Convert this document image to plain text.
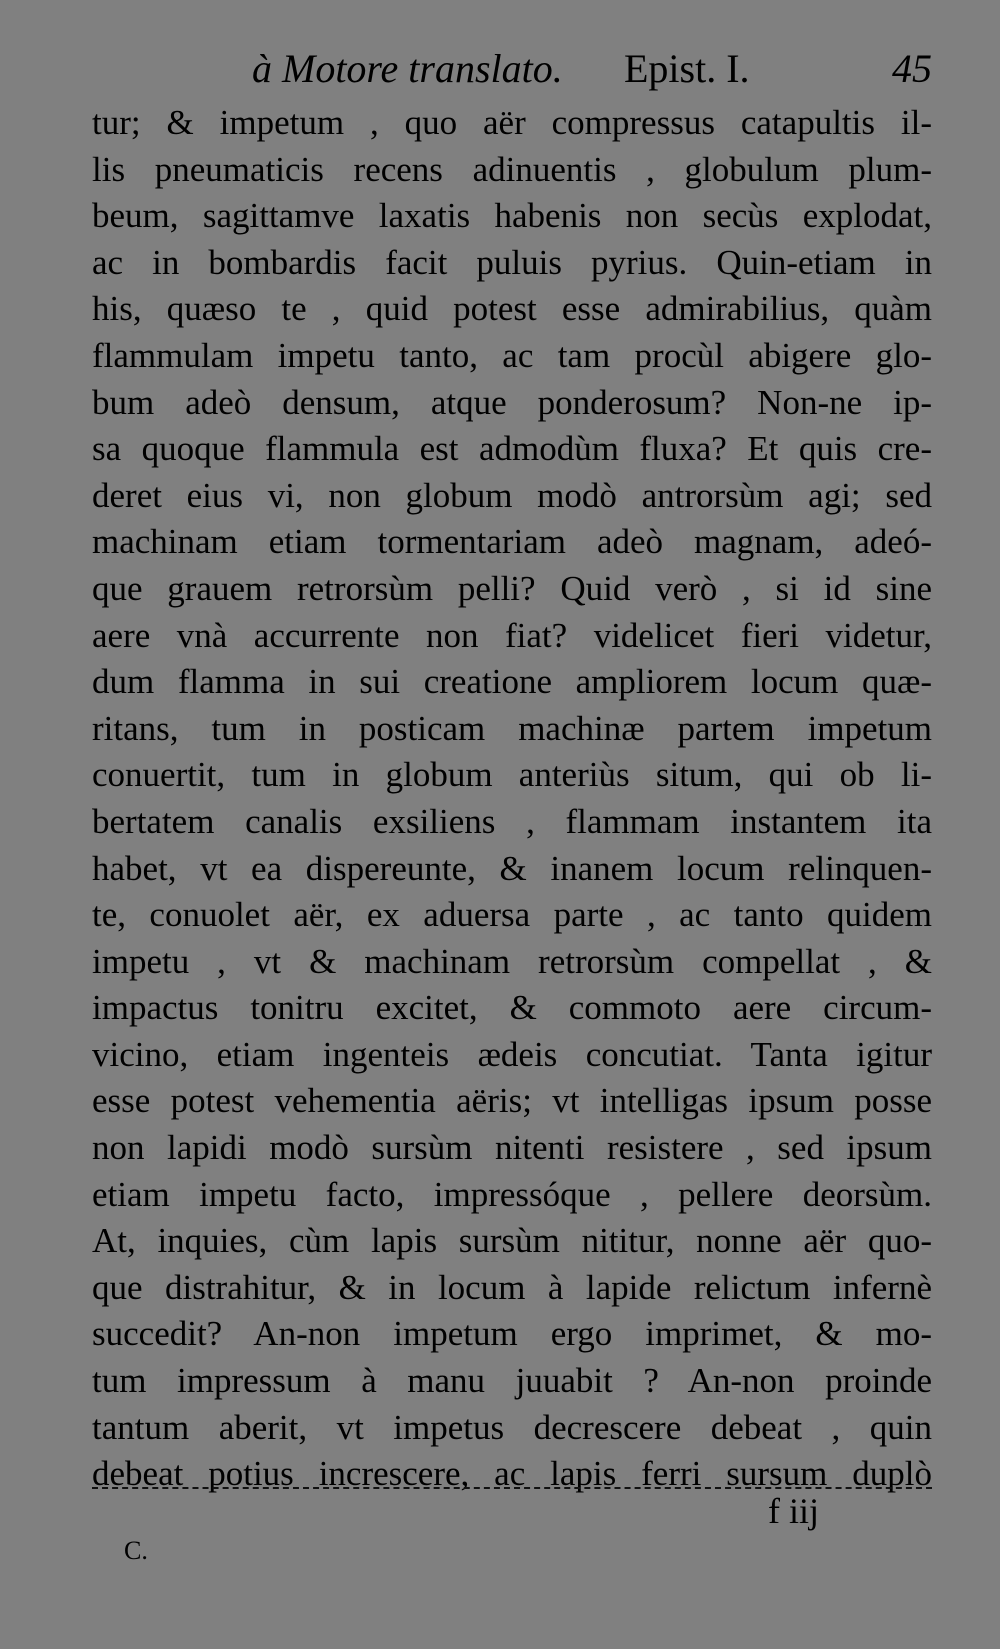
à Motore translato. Epist. I.	45
tur; & impetum , quo aër compressus catapultis il-
lis pneumaticis recens adinuentis , globulum plum-
beum, sagittamve laxatis habenis non secùs explodat,
ac in bombardis facit puluis pyrius. Quin-etiam in
his, quæso te , quid potest esse admirabilius, quàm
flammulam impetu tanto, ac tam procùl abigere glo-
bum adeò densum, atque ponderosum? Non-ne ip-
sa quoque flammula est admodùm fluxa? Et quis cre-
deret eius vi, non globum modò antrorsùm agi; sed
machinam etiam tormentariam adeò magnam, adeó-
que grauem retrorsùm pelli? Quid verò , si id sine
aere vnà accurrente non fiat? videlicet fieri videtur,
dum flamma in sui creatione ampliorem locum quæ-
ritans, tum in posticam machinæ partem impetum
conuertit, tum in globum anteriùs situm, qui ob li-
bertatem canalis exsiliens , flammam instantem ita
habet, vt ea dispereunte, & inanem locum relinquen-
te, conuolet aër, ex aduersa parte , ac tanto quidem
impetu , vt & machinam retrorsùm compellat , &
impactus tonitru excitet, & commoto aere circum-
vicino, etiam ingenteis ædeis concutiat. Tanta igitur
esse potest vehementia aëris; vt intelligas ipsum posse
non lapidi modò sursùm nitenti resistere , sed ipsum
etiam impetu facto, impressóque , pellere deorsùm.
At, inquies, cùm lapis sursùm nititur, nonne aër quo-
que distrahitur, & in locum à lapide relictum infernè
succedit? An-non impetum ergo imprimet, & mo-
tum impressum à manu juuabit ? An-non proinde
tantum aberit, vt impetus decrescere debeat , quin
debeat potius increscere, ac lapis ferri sursum duplò
f iij
C.
